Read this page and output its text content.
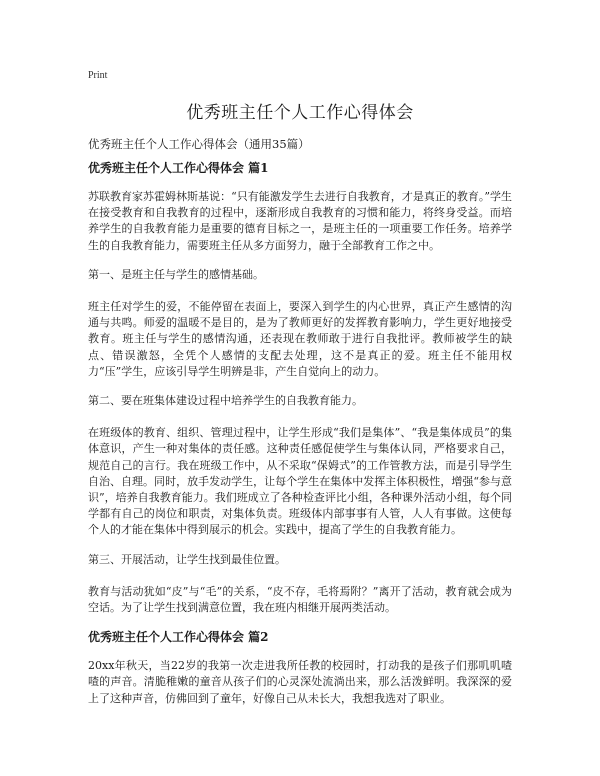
Print
优秀班主任个人工作心得体会

优秀班主任个人工作心得体会（通用35篇）

优秀班主任个人工作心得体会 篇1

苏联教育家苏霍姆林斯基说：“只有能激发学生去进行自我教育，才是真正的教育。”学生在接受教育和自我教育的过程中，逐渐形成自我教育的习惯和能力，将终身受益。而培养学生的自我教育能力是重要的德育目标之一，是班主任的一项重要工作任务。培养学生的自我教育能力，需要班主任从多方面努力，融于全部教育工作之中。

第一、是班主任与学生的感情基础。

班主任对学生的爱，不能停留在表面上，要深入到学生的内心世界，真正产生感情的沟通与共鸣。师爱的温暖不是目的，是为了教师更好的发挥教育影响力，学生更好地接受教育。班主任与学生的感情沟通，还表现在教师敢于进行自我批评。教师被学生的缺点、错误激怒，全凭个人感情的支配去处理，这不是真正的爱。班主任不能用权力“压”学生，应该引导学生明辨是非，产生自觉向上的动力。

第二、要在班集体建设过程中培养学生的自我教育能力。

在班级体的教育、组织、管理过程中，让学生形成“我们是集体”、“我是集体成员”的集体意识，产生一种对集体的责任感。这种责任感促使学生与集体认同，严格要求自己，规范自己的言行。我在班级工作中，从不采取“保姆式”的工作管教方法，而是引导学生自治、自理。同时，放手发动学生，让每个学生在集体中发挥主体积极性，增强“参与意识”，培养自我教育能力。我们班成立了各种检查评比小组，各种课外活动小组，每个同学都有自己的岗位和职责，对集体负责。班级体内部事事有人管，人人有事做。这使每个人的才能在集体中得到展示的机会。实践中，提高了学生的自我教育能力。

第三、开展活动，让学生找到最佳位置。

教育与活动犹如“皮”与“毛”的关系，“皮不存，毛将焉附？”离开了活动，教育就会成为空话。为了让学生找到满意位置，我在班内相继开展两类活动。

优秀班主任个人工作心得体会 篇2

20xx年秋天，当22岁的我第一次走进我所任教的校园时，打动我的是孩子们那叽叽喳喳的声音。清脆稚嫩的童音从孩子们的心灵深处流淌出来，那么活泼鲜明。我深深的爱上了这种声音，仿佛回到了童年，好像自己从未长大，我想我选对了职业。
